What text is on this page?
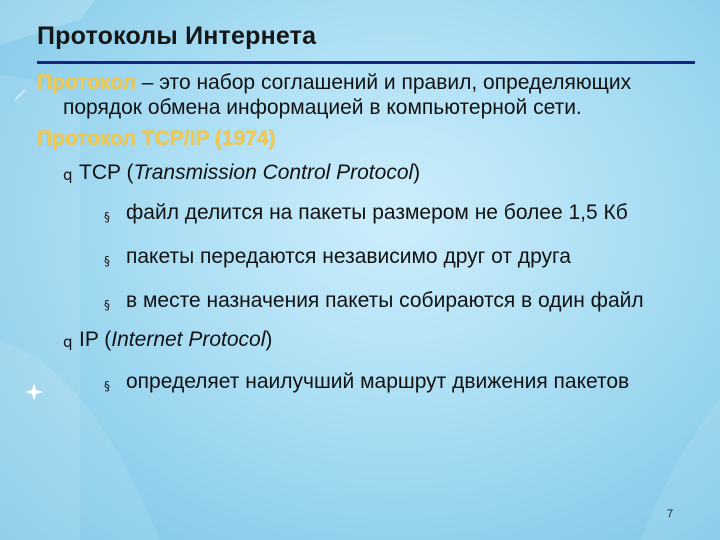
Протоколы Интернета

Протокол – это набор соглашений и правил, определяющих порядок обмена информацией в компьютерной сети.

Протокол TCP/IP (1974)

q TCP (Transmission Control Protocol)
§ файл делится на пакеты размером не более 1,5 Кб
§ пакеты передаются независимо друг от друга
§ в месте назначения пакеты собираются в один файл
q IP (Internet Protocol)
§ определяет наилучший маршрут движения пакетов
7
